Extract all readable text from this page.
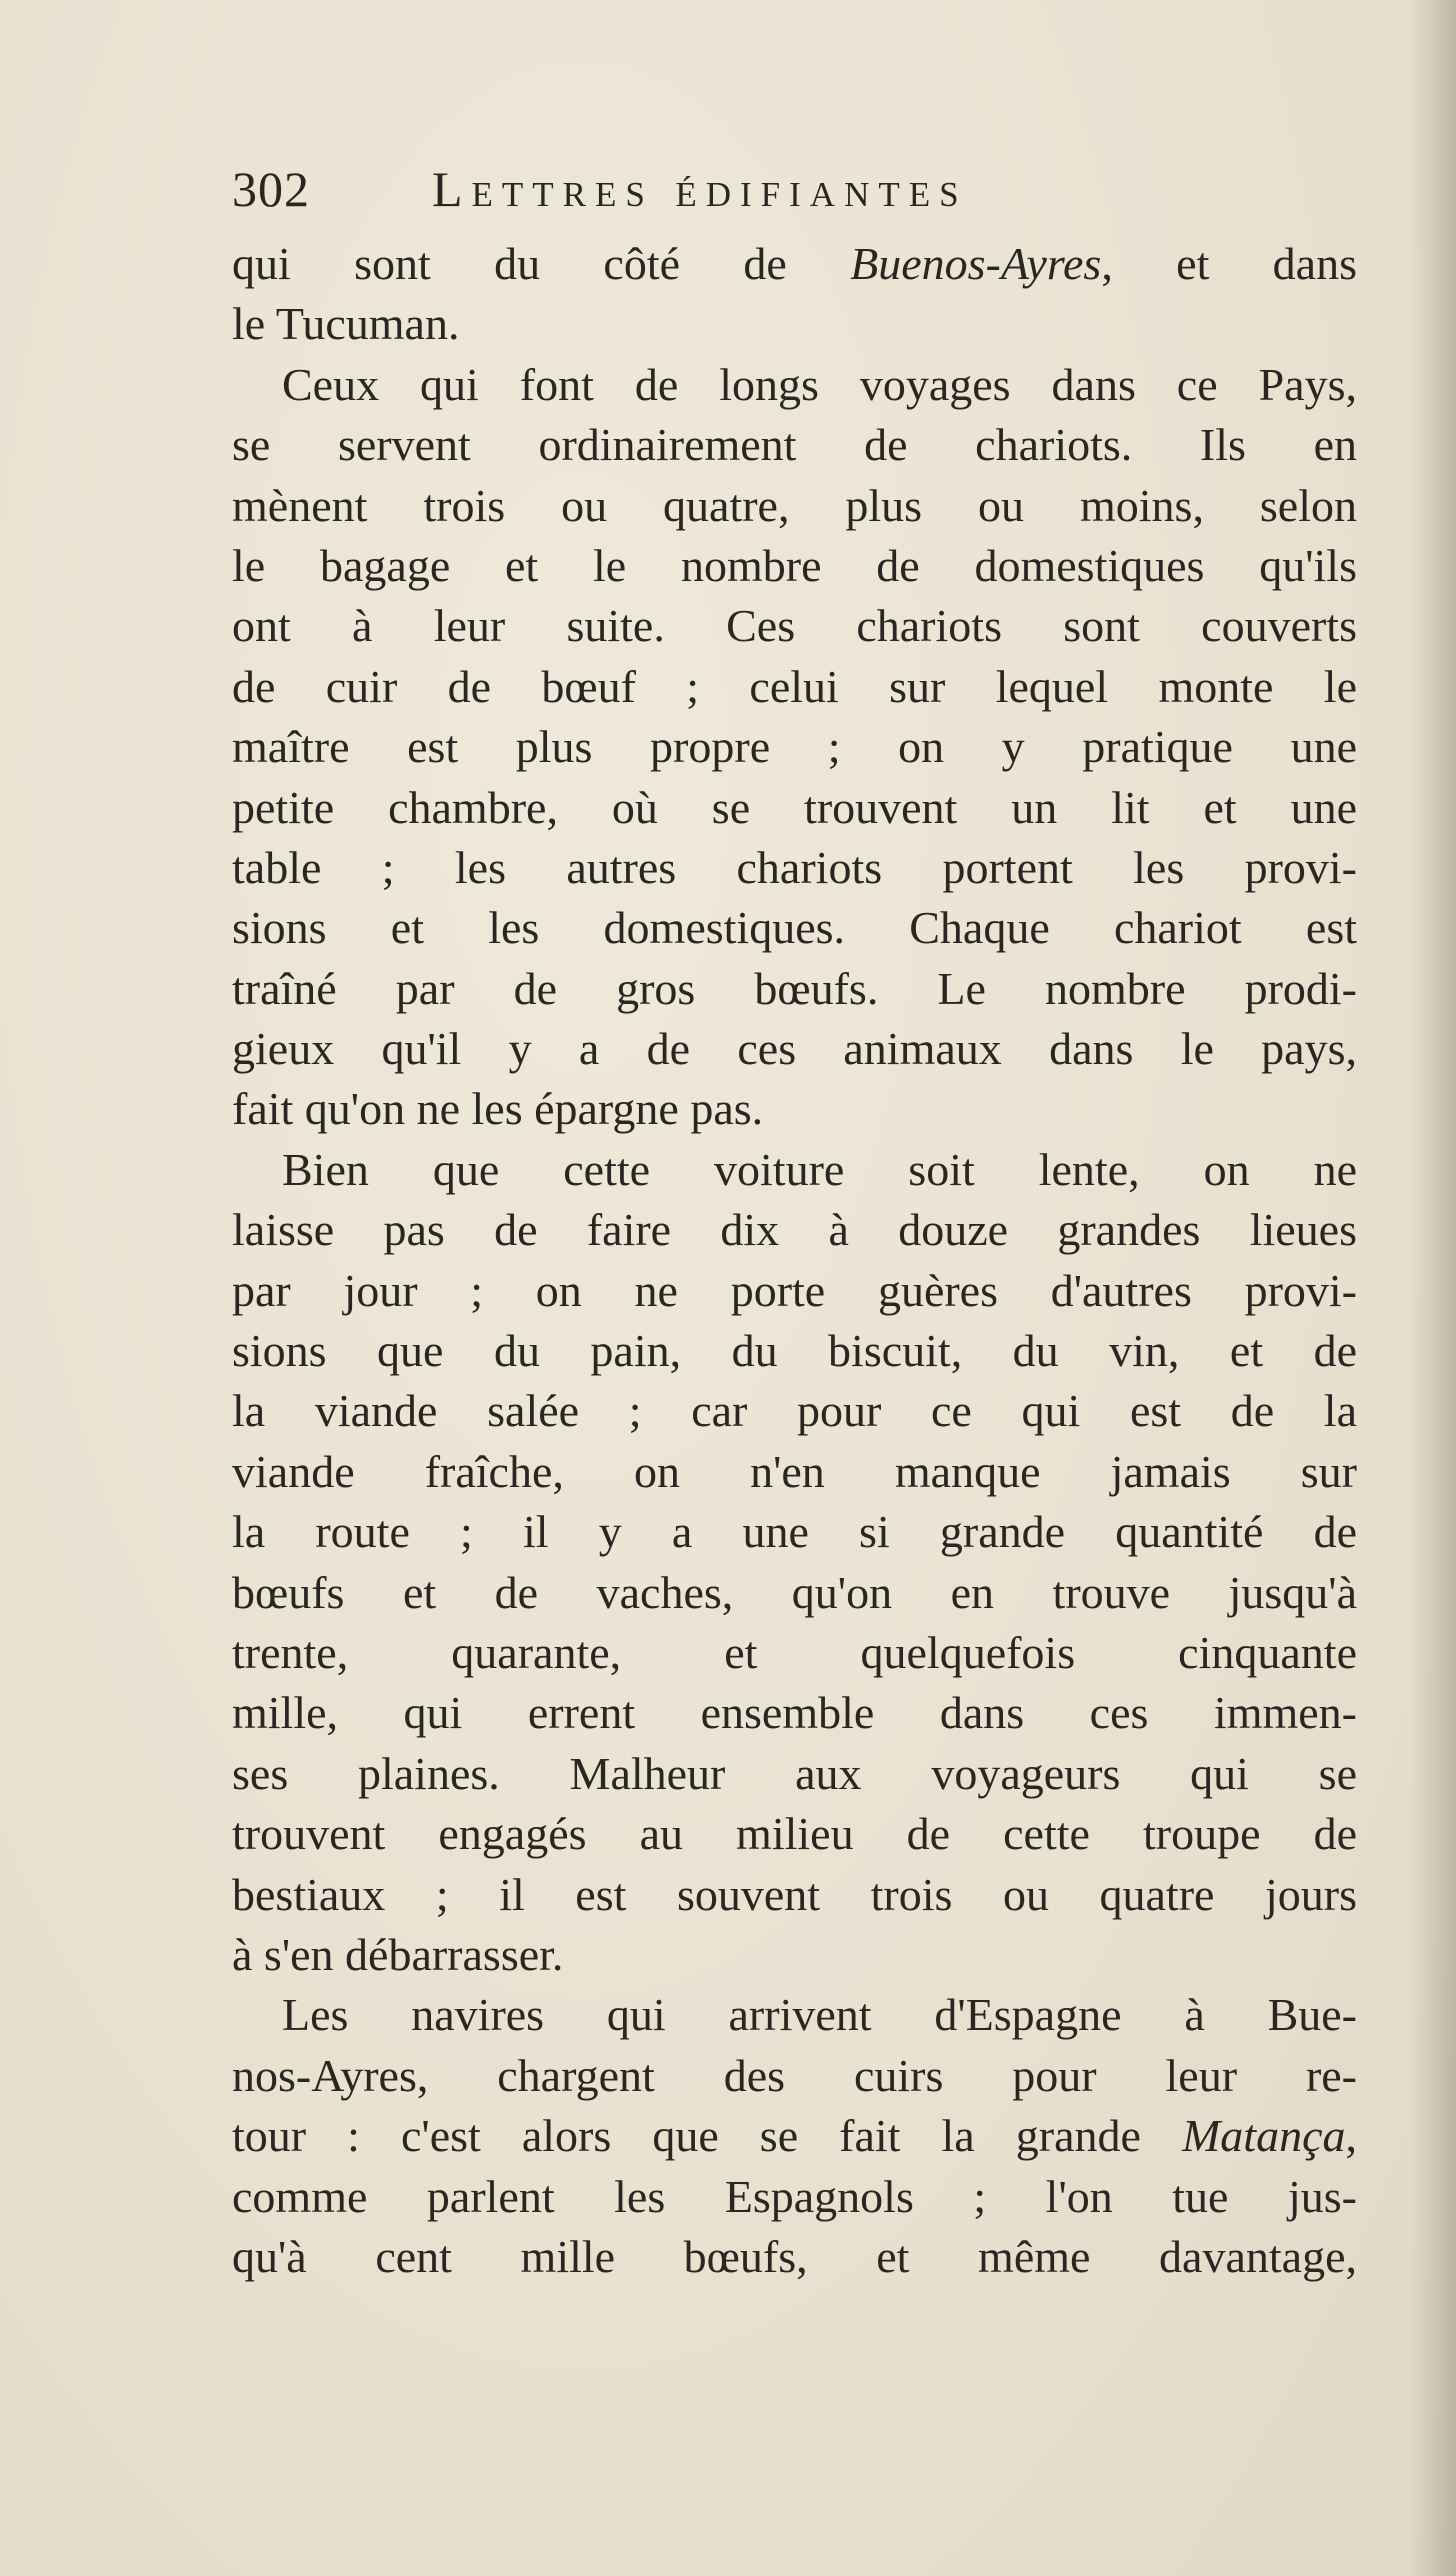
302	Lettres édifiantes
qui sont du côté de Buenos-Ayres, et dans
le Tucuman.
Ceux qui font de longs voyages dans ce Pays,
se servent ordinairement de chariots. Ils en
mènent trois ou quatre, plus ou moins, selon
le bagage et le nombre de domestiques qu'ils
ont à leur suite. Ces chariots sont couverts
de cuir de bœuf ; celui sur lequel monte le
maître est plus propre ; on y pratique une
petite chambre, où se trouvent un lit et une
table ; les autres chariots portent les provi-
sions et les domestiques. Chaque chariot est
traîné par de gros bœufs. Le nombre prodi-
gieux qu'il y a de ces animaux dans le pays,
fait qu'on ne les épargne pas.
Bien que cette voiture soit lente, on ne
laisse pas de faire dix à douze grandes lieues
par jour ; on ne porte guères d'autres provi-
sions que du pain, du biscuit, du vin, et de
la viande salée ; car pour ce qui est de la
viande fraîche, on n'en manque jamais sur
la route ; il y a une si grande quantité de
bœufs et de vaches, qu'on en trouve jusqu'à
trente, quarante, et quelquefois cinquante
mille, qui errent ensemble dans ces immen-
ses plaines. Malheur aux voyageurs qui se
trouvent engagés au milieu de cette troupe de
bestiaux ; il est souvent trois ou quatre jours
à s'en débarrasser.
Les navires qui arrivent d'Espagne à Bue-
nos-Ayres, chargent des cuirs pour leur re-
tour : c'est alors que se fait la grande Matança,
comme parlent les Espagnols ; l'on tue jus-
qu'à cent mille bœufs, et même davantage,
